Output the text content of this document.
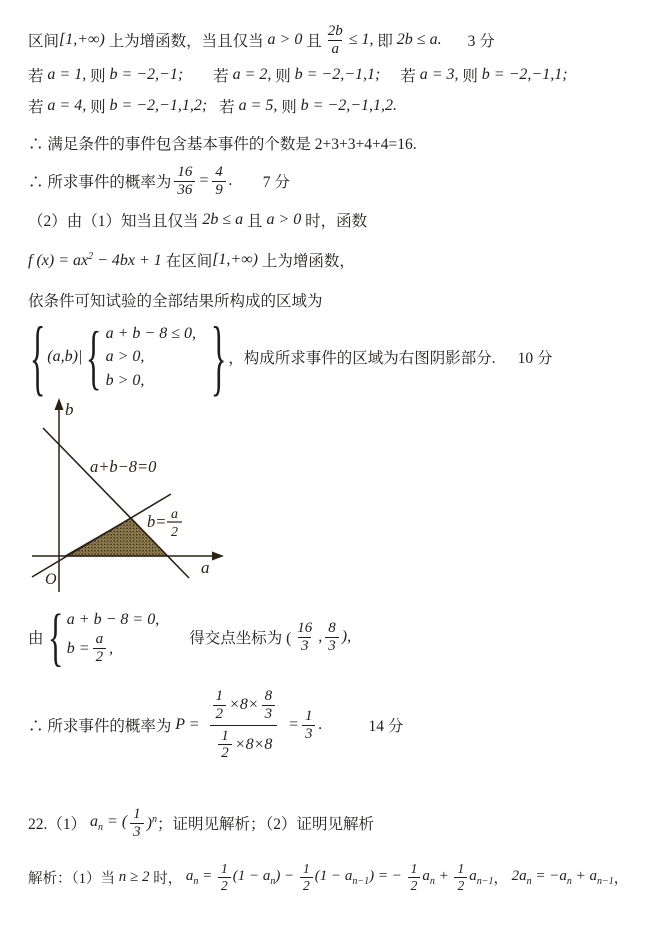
区间 [1,+∞) 上为增函数，当且仅当 a > 0 且 $\frac{2b}{a} \le 1$, 即 2b ≤ a. 3 分
若 a = 1, 则 b = −2,−1; 若 a = 2, 则 b = −2,−1,1; 若 a = 3, 则 b = −2,−1,1;
若 a = 4, 则 b = −2,−1,1,2; 若 a = 5, 则 b = −2,−1,1,2.
∴ 满足条件的事件包含基本事件的个数是 2+3+3+4+4=16.
∴ 所求事件的概率为 $\frac{16}{36} = \frac{4}{9}$ . 7 分
（2）由（1）知当且仅当 2b ≤ a 且 a > 0 时，函数
f $(x) = ax^2 - 4bx + 1$ 在区间 [1,+∞) 上为增函数，
依条件可知试验的全部结果所构成的区域为
{ (a,b) | { a + b − 8 ≤ 0,
a > 0,
b > 0, } ，构成所求事件的区域为右图阴影部分. 10 分
b
a
O
a+b−8=0
b= a
2
由 { a + b − 8 = 0,
$b = \frac{a}{2}$ ,
得交点坐标为 ( $\frac{16}{3}$ , $\frac{8}{3}$ ),
∴ 所求事件的概率为 $P = \frac{\frac{1}{2} \times 8\times \frac{8}{3}}{\frac{1}{2} \times 8\times 8} = \frac{1}{3}$ .	14 分
22.（1） $a_n$ = ( $\frac{1}{3} )^n$ ；证明见解析；（2）证明见解析
解析：（1）当 n ≥ 2 时， $a_n = \frac{1}{2} (1 - a_n) - \frac{1}{2} (1 - a_{n-1})$ = − $\frac{1}{2} a_n + \frac{1}{2} a_{n-1}$ ， $2a_n = -a_n + a_{n-1}$ ，
